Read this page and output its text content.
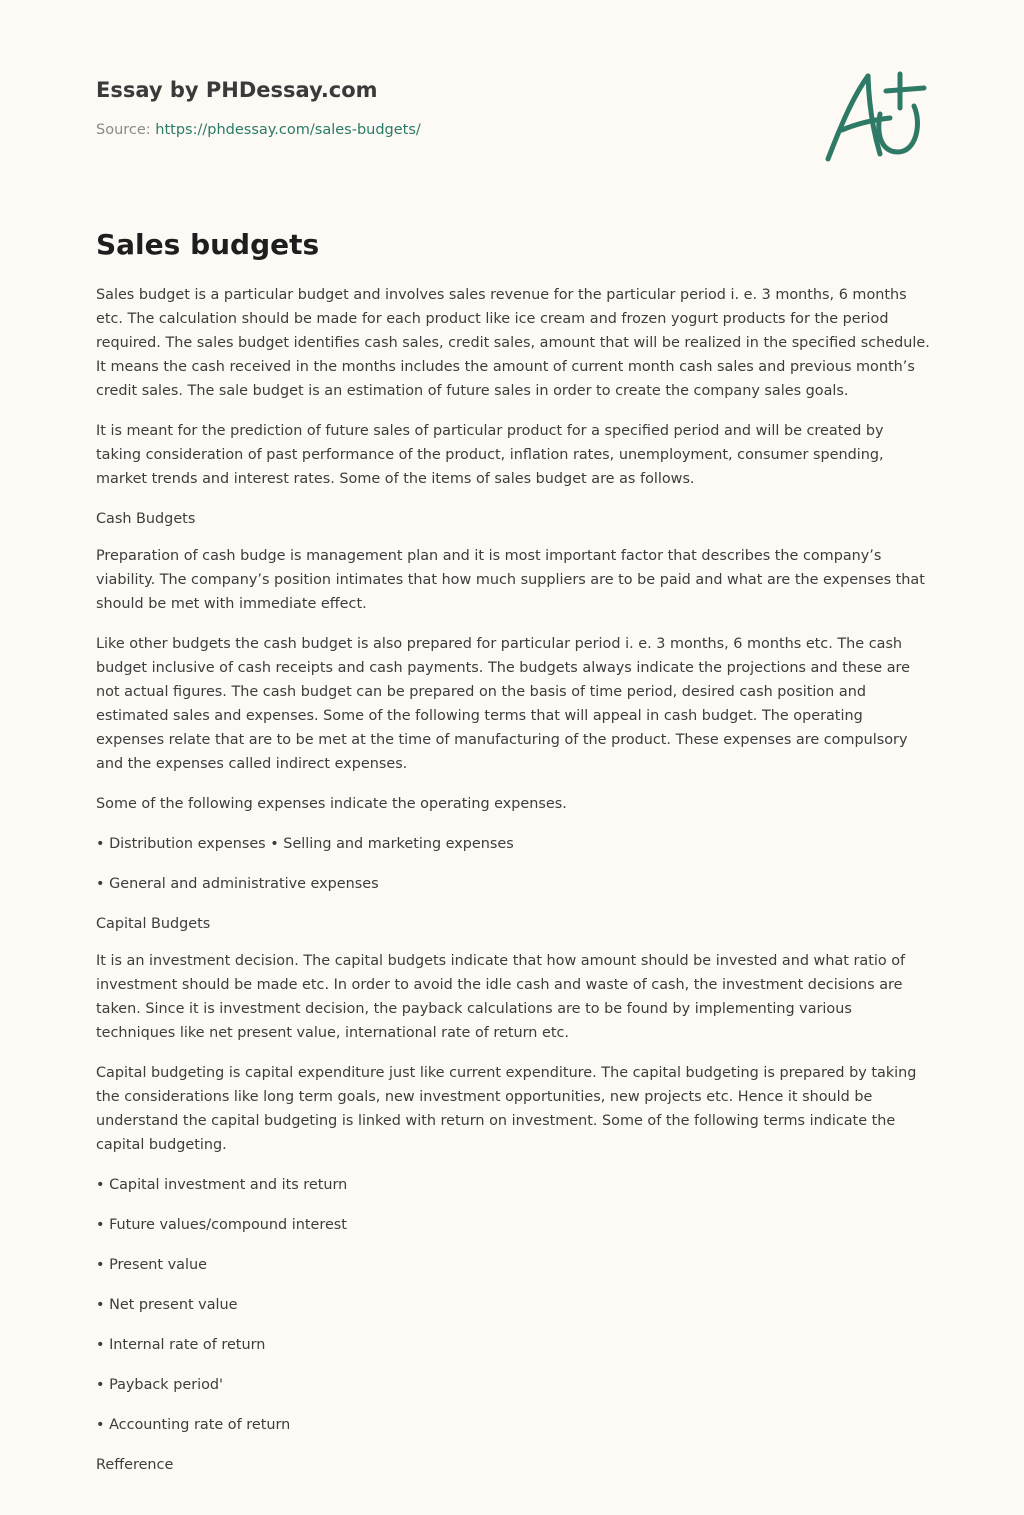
Essay by PHDessay.com
Source: https://phdessay.com/sales-budgets/
Sales budgets

Sales budget is a particular budget and involves sales revenue for the particular period i. e. 3 months, 6 months etc. The calculation should be made for each product like ice cream and frozen yogurt products for the period required. The sales budget identifies cash sales, credit sales, amount that will be realized in the specified schedule. It means the cash received in the months includes the amount of current month cash sales and previous month’s credit sales. The sale budget is an estimation of future sales in order to create the company sales goals.

It is meant for the prediction of future sales of particular product for a specified period and will be created by taking consideration of past performance of the product, inflation rates, unemployment, consumer spending, market trends and interest rates. Some of the items of sales budget are as follows.

Cash Budgets

Preparation of cash budge is management plan and it is most important factor that describes the company’s viability. The company’s position intimates that how much suppliers are to be paid and what are the expenses that should be met with immediate effect.

Like other budgets the cash budget is also prepared for particular period i. e. 3 months, 6 months etc. The cash budget inclusive of cash receipts and cash payments. The budgets always indicate the projections and these are not actual figures. The cash budget can be prepared on the basis of time period, desired cash position and estimated sales and expenses. Some of the following terms that will appeal in cash budget. The operating expenses relate that are to be met at the time of manufacturing of the product. These expenses are compulsory and the expenses called indirect expenses.

Some of the following expenses indicate the operating expenses.

• Distribution expenses • Selling and marketing expenses

• General and administrative expenses

Capital Budgets

It is an investment decision. The capital budgets indicate that how amount should be invested and what ratio of investment should be made etc. In order to avoid the idle cash and waste of cash, the investment decisions are taken. Since it is investment decision, the payback calculations are to be found by implementing various techniques like net present value, international rate of return etc.

Capital budgeting is capital expenditure just like current expenditure. The capital budgeting is prepared by taking the considerations like long term goals, new investment opportunities, new projects etc. Hence it should be understand the capital budgeting is linked with return on investment. Some of the following terms indicate the capital budgeting.

• Capital investment and its return

• Future values/compound interest

• Present value

• Net present value

• Internal rate of return

• Payback period'

• Accounting rate of return

Refference
